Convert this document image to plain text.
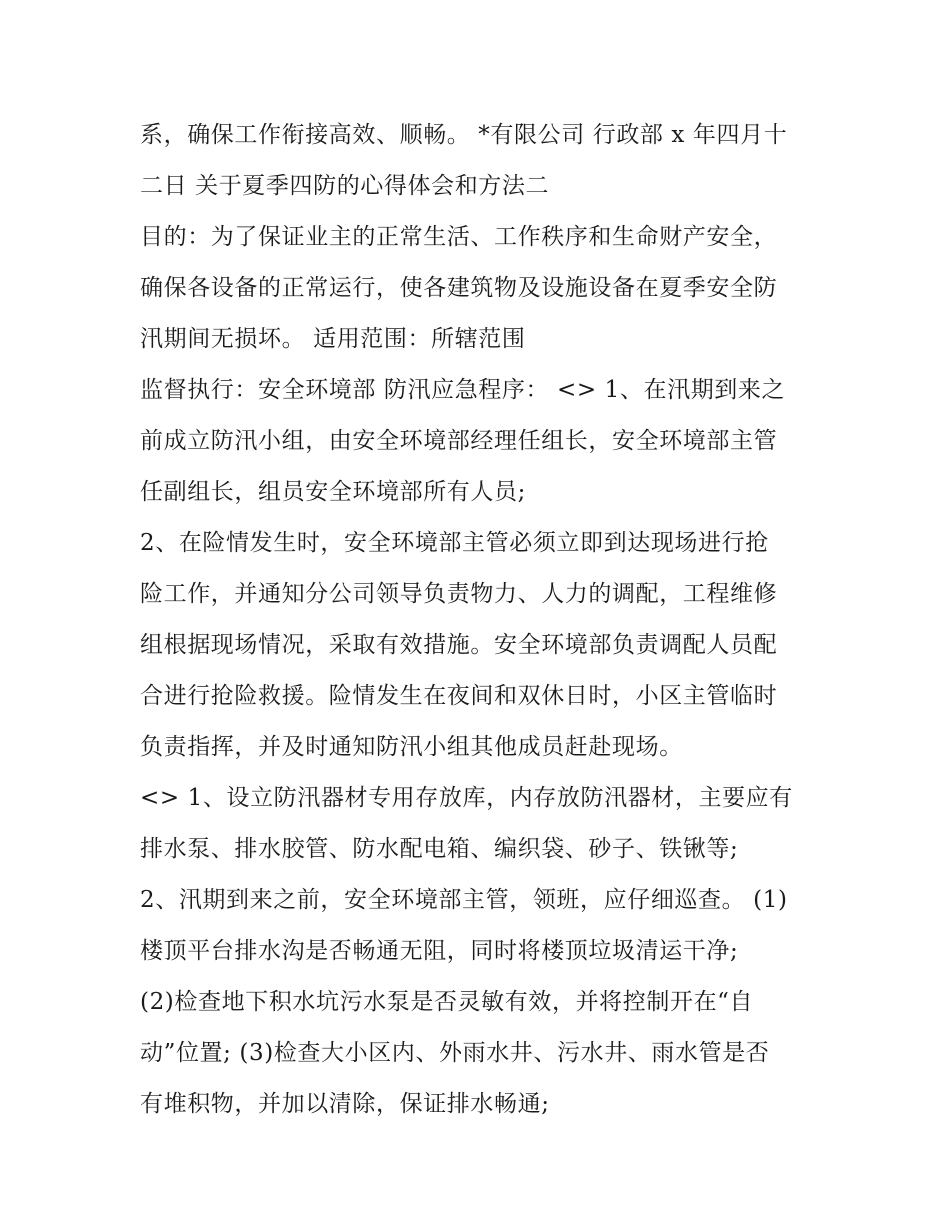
系，确保工作衔接高效、顺畅。 *有限公司 行政部 x 年四月十
二日 关于夏季四防的心得体会和方法二
目的：为了保证业主的正常生活、工作秩序和生命财产安全，
确保各设备的正常运行，使各建筑物及设施设备在夏季安全防
汛期间无损坏。 适用范围：所辖范围
监督执行：安全环境部 防汛应急程序： <> 1、在汛期到来之
前成立防汛小组，由安全环境部经理任组长，安全环境部主管
任副组长，组员安全环境部所有人员;
2、在险情发生时，安全环境部主管必须立即到达现场进行抢
险工作，并通知分公司领导负责物力、人力的调配，工程维修
组根据现场情况，采取有效措施。安全环境部负责调配人员配
合进行抢险救援。险情发生在夜间和双休日时，小区主管临时
负责指挥，并及时通知防汛小组其他成员赶赴现场。
<> 1、设立防汛器材专用存放库，内存放防汛器材，主要应有
排水泵、排水胶管、防水配电箱、编织袋、砂子、铁锹等;
2、汛期到来之前，安全环境部主管，领班，应仔细巡查。 (1)
楼顶平台排水沟是否畅通无阻，同时将楼顶垃圾清运干净;
(2)检查地下积水坑污水泵是否灵敏有效，并将控制开在“自
动”位置; (3)检查大小区内、外雨水井、污水井、雨水管是否
有堆积物，并加以清除，保证排水畅通;
